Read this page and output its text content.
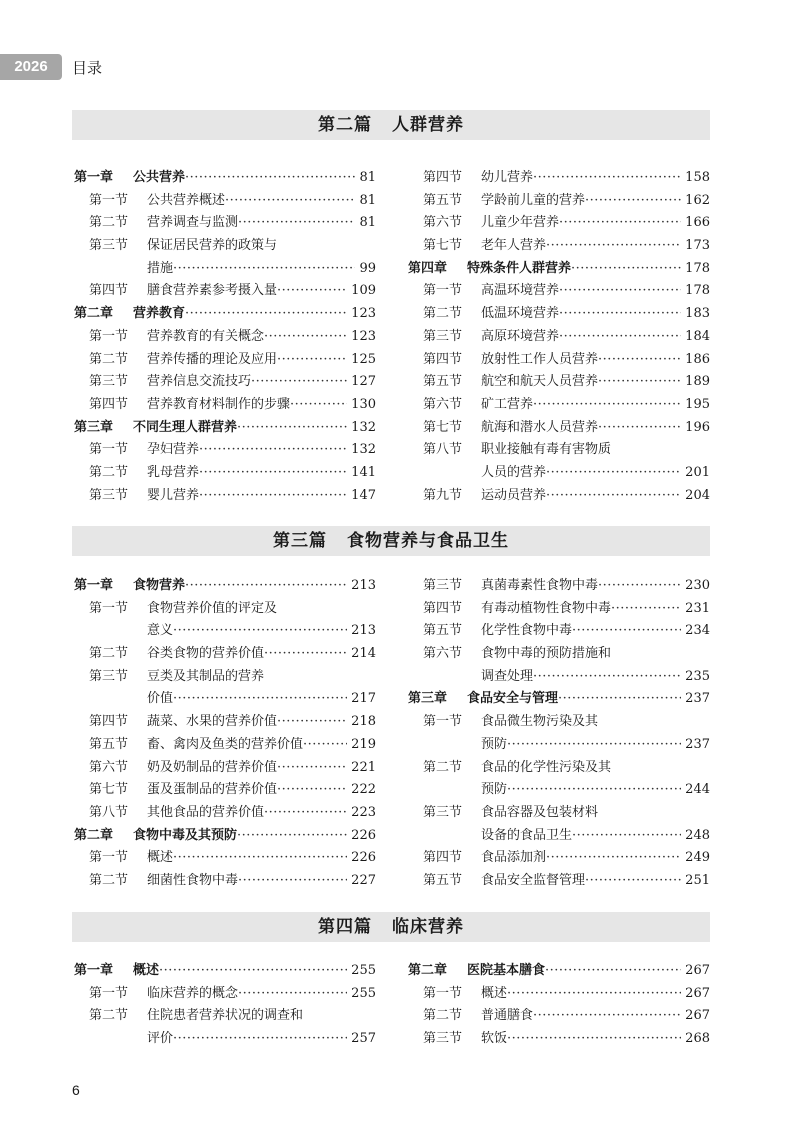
2026	目录
第二篇 人群营养
第一章 公共营养 ·····	81
第一节 公共营养概述 ·····	81
第二节 营养调查与监测 ·····	81
第三节 保证居民营养的政策与
措施 ·····	99
第四节 膳食营养素参考摄入量 ·····	109
第二章 营养教育 ·····	123
第一节 营养教育的有关概念 ·····	123
第二节 营养传播的理论及应用 ·····	125
第三节 营养信息交流技巧 ·····	127
第四节 营养教育材料制作的步骤 ·····	130
第三章 不同生理人群营养 ·····	132
第一节 孕妇营养 ·····	132
第二节 乳母营养 ·····	141
第三节 婴儿营养 ·····	147
第四节 幼儿营养 ·····	158
第五节 学龄前儿童的营养 ·····	162
第六节 儿童少年营养 ·····	166
第七节 老年人营养 ·····	173
第四章 特殊条件人群营养 ·····	178
第一节 高温环境营养 ·····	178
第二节 低温环境营养 ·····	183
第三节 高原环境营养 ·····	184
第四节 放射性工作人员营养 ·····	186
第五节 航空和航天人员营养 ·····	189
第六节 矿工营养 ·····	195
第七节 航海和潜水人员营养 ·····	196
第八节 职业接触有毒有害物质
人员的营养 ·····	201
第九节 运动员营养 ·····	204
第三篇 食物营养与食品卫生
第一章 食物营养 ·····	213
第一节 食物营养价值的评定及
意义 ·····	213
第二节 谷类食物的营养价值 ·····	214
第三节 豆类及其制品的营养
价值 ·····	217
第四节 蔬菜、水果的营养价值 ·····	218
第五节 畜、禽肉及鱼类的营养价值 ·····	219
第六节 奶及奶制品的营养价值 ·····	221
第七节 蛋及蛋制品的营养价值 ·····	222
第八节 其他食品的营养价值 ·····	223
第二章 食物中毒及其预防 ·····	226
第一节 概述 ·····	226
第二节 细菌性食物中毒 ·····	227
第三节 真菌毒素性食物中毒 ·····	230
第四节 有毒动植物性食物中毒 ·····	231
第五节 化学性食物中毒 ·····	234
第六节 食物中毒的预防措施和
调查处理 ·····	235
第三章 食品安全与管理 ·····	237
第一节 食品微生物污染及其
预防 ·····	237
第二节 食品的化学性污染及其
预防 ·····	244
第三节 食品容器及包装材料
设备的食品卫生 ·····	248
第四节 食品添加剂 ·····	249
第五节 食品安全监督管理 ·····	251
第四篇 临床营养
第一章 概述 ·····	255
第一节 临床营养的概念 ·····	255
第二节 住院患者营养状况的调查和
评价 ·····	257
第二章 医院基本膳食 ·····	267
第一节 概述 ·····	267
第二节 普通膳食 ·····	267
第三节 软饭 ·····	268
6
